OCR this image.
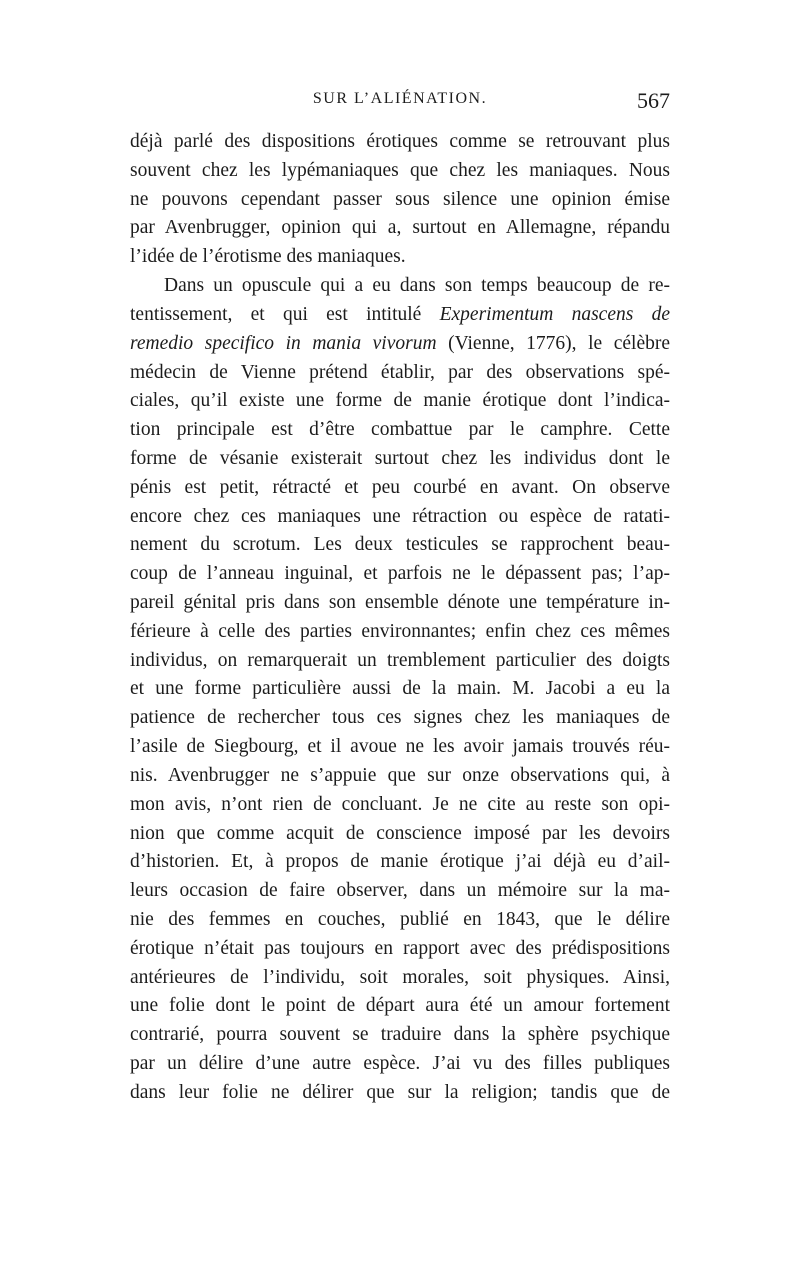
SUR L’ALIÉNATION.	567
déjà parlé des dispositions érotiques comme se retrouvant plus
souvent chez les lypémaniaques que chez les maniaques. Nous
ne pouvons cependant passer sous silence une opinion émise
par Avenbrugger, opinion qui a, surtout en Allemagne, répandu
l’idée de l’érotisme des maniaques.
Dans un opuscule qui a eu dans son temps beaucoup de re-
tentissement, et qui est intitulé Experimentum nascens de
remedio specifico in mania vivorum (Vienne, 1776), le célèbre
médecin de Vienne prétend établir, par des observations spé-
ciales, qu’il existe une forme de manie érotique dont l’indica-
tion principale est d’être combattue par le camphre. Cette
forme de vésanie existerait surtout chez les individus dont le
pénis est petit, rétracté et peu courbé en avant. On observe
encore chez ces maniaques une rétraction ou espèce de ratati-
nement du scrotum. Les deux testicules se rapprochent beau-
coup de l’anneau inguinal, et parfois ne le dépassent pas; l’ap-
pareil génital pris dans son ensemble dénote une température in-
férieure à celle des parties environnantes; enfin chez ces mêmes
individus, on remarquerait un tremblement particulier des doigts
et une forme particulière aussi de la main. M. Jacobi a eu la
patience de rechercher tous ces signes chez les maniaques de
l’asile de Siegbourg, et il avoue ne les avoir jamais trouvés réu-
nis. Avenbrugger ne s’appuie que sur onze observations qui, à
mon avis, n’ont rien de concluant. Je ne cite au reste son opi-
nion que comme acquit de conscience imposé par les devoirs
d’historien. Et, à propos de manie érotique j’ai déjà eu d’ail-
leurs occasion de faire observer, dans un mémoire sur la ma-
nie des femmes en couches, publié en 1843, que le délire
érotique n’était pas toujours en rapport avec des prédispositions
antérieures de l’individu, soit morales, soit physiques. Ainsi,
une folie dont le point de départ aura été un amour fortement
contrarié, pourra souvent se traduire dans la sphère psychique
par un délire d’une autre espèce. J’ai vu des filles publiques
dans leur folie ne délirer que sur la religion; tandis que de
